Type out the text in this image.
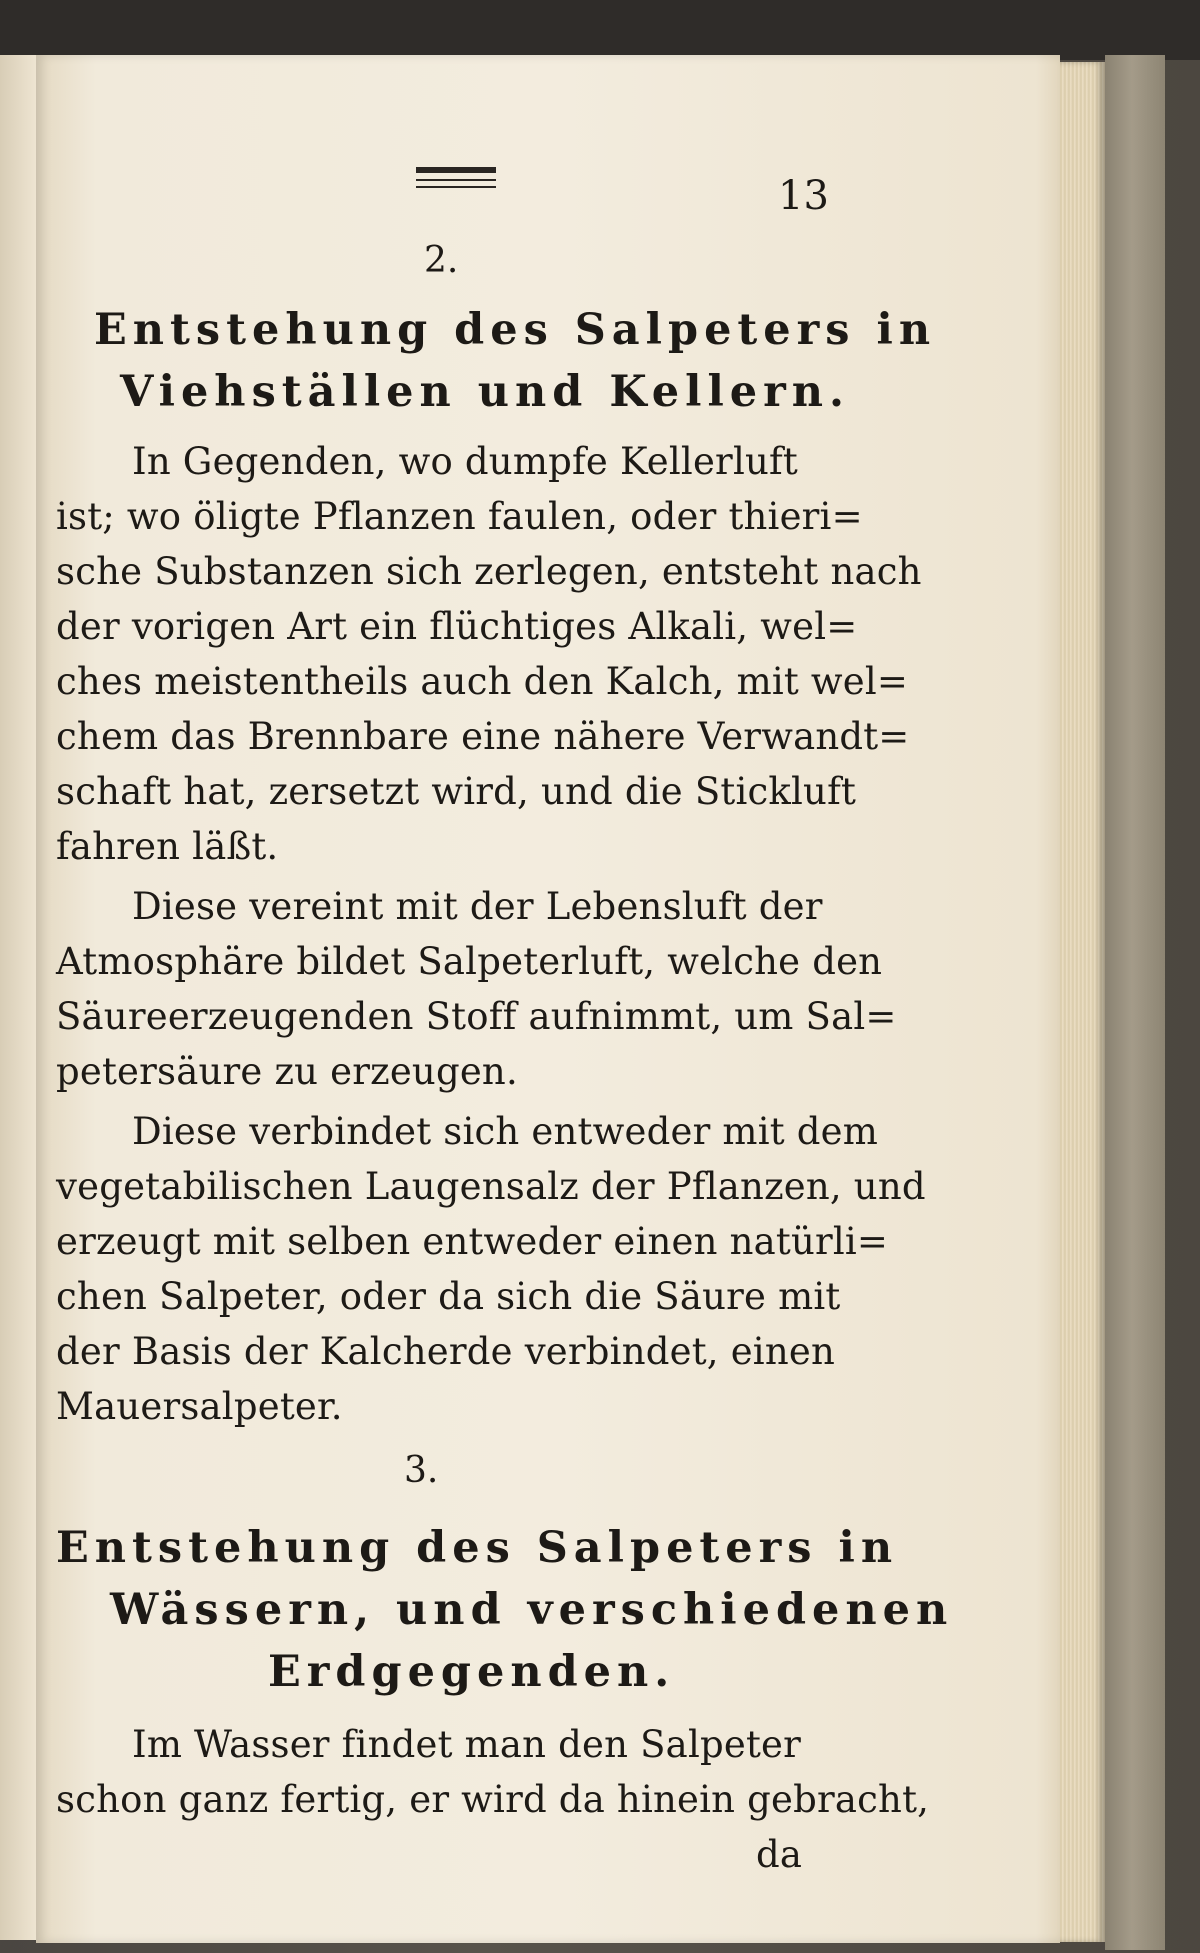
13
2.
Entstehung des Salpeters in
Viehställen und Kellern.
In Gegenden, wo dumpfe Kellerluft
ist; wo öligte Pflanzen faulen, oder thieri=
sche Substanzen sich zerlegen, entsteht nach
der vorigen Art ein flüchtiges Alkali, wel=
ches meistentheils auch den Kalch, mit wel=
chem das Brennbare eine nähere Verwandt=
schaft hat, zersetzt wird, und die Stickluft
fahren läßt.
Diese vereint mit der Lebensluft der
Atmosphäre bildet Salpeterluft, welche den
Säureerzeugenden Stoff aufnimmt, um Sal=
petersäure zu erzeugen.
Diese verbindet sich entweder mit dem
vegetabilischen Laugensalz der Pflanzen, und
erzeugt mit selben entweder einen natürli=
chen Salpeter, oder da sich die Säure mit
der Basis der Kalcherde verbindet, einen
Mauersalpeter.
3.
Entstehung des Salpeters in
Wässern, und verschiedenen
Erdgegenden.
Im Wasser findet man den Salpeter
schon ganz fertig, er wird da hinein gebracht,
da
